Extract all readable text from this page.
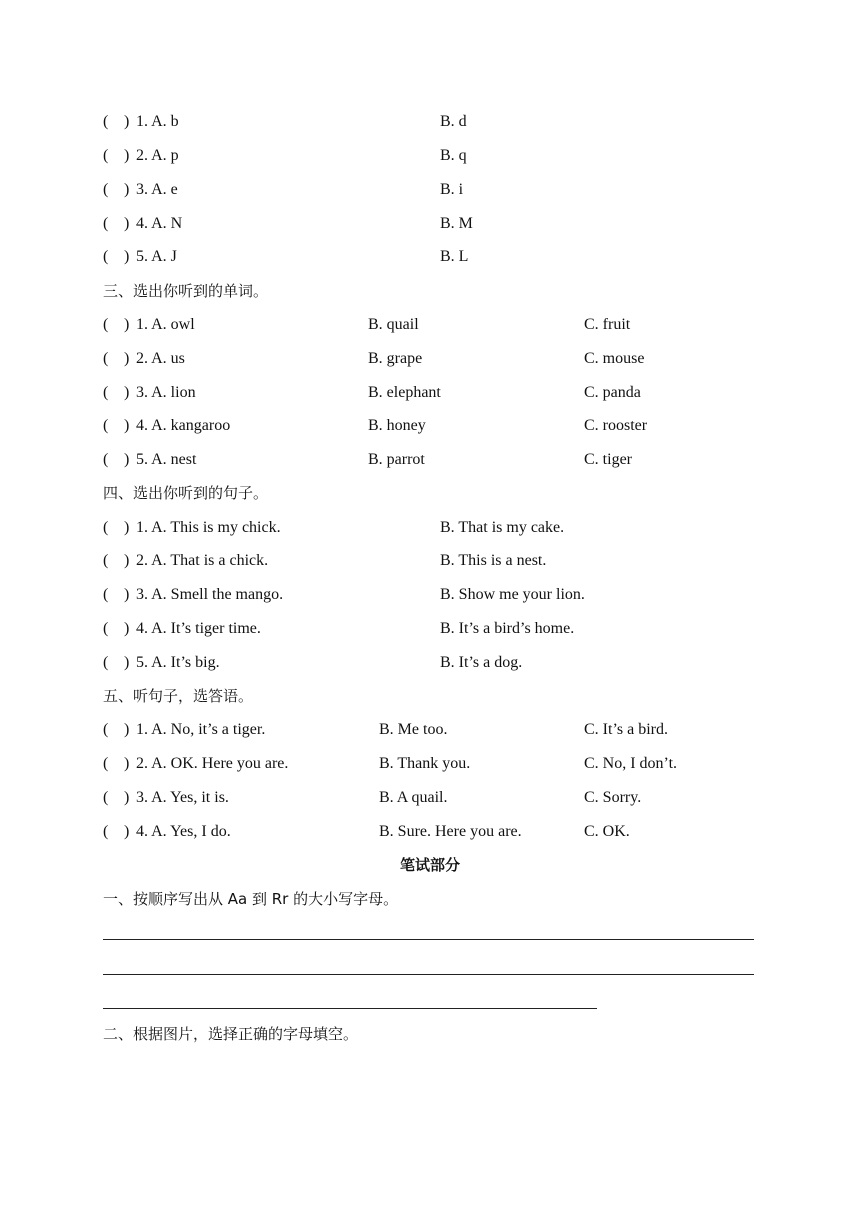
( ) 1. A. b	B. d
( ) 2. A. p	B. q
( ) 3. A. e	B. i
( ) 4. A. N	B. M
( ) 5. A. J	B. L
三、选出你听到的单词。
( ) 1. A. owl	B. quail	C. fruit
( ) 2. A. us	B. grape	C. mouse
( ) 3. A. lion	B. elephant	C. panda
( ) 4. A. kangaroo	B. honey	C. rooster
( ) 5. A. nest	B. parrot	C. tiger
四、选出你听到的句子。
( ) 1. A. This is my chick.	B. That is my cake.
( ) 2. A. That is a chick.	B. This is a nest.
( ) 3. A. Smell the mango.	B. Show me your lion.
( ) 4. A. It’s tiger time.	B. It’s a bird’s home.
( ) 5. A. It’s big.	B. It’s a dog.
五、听句子，选答语。
( ) 1. A. No, it’s a tiger.	B. Me too.	C. It’s a bird.
( ) 2. A. OK. Here you are.	B. Thank you.	C. No, I don’t.
( ) 3. A. Yes, it is.	B. A quail.	C. Sorry.
( ) 4. A. Yes, I do.	B. Sure. Here you are.	C. OK.
笔试部分
一、按顺序写出从 Aa 到 Rr 的大小写字母。
二、根据图片，选择正确的字母填空。
